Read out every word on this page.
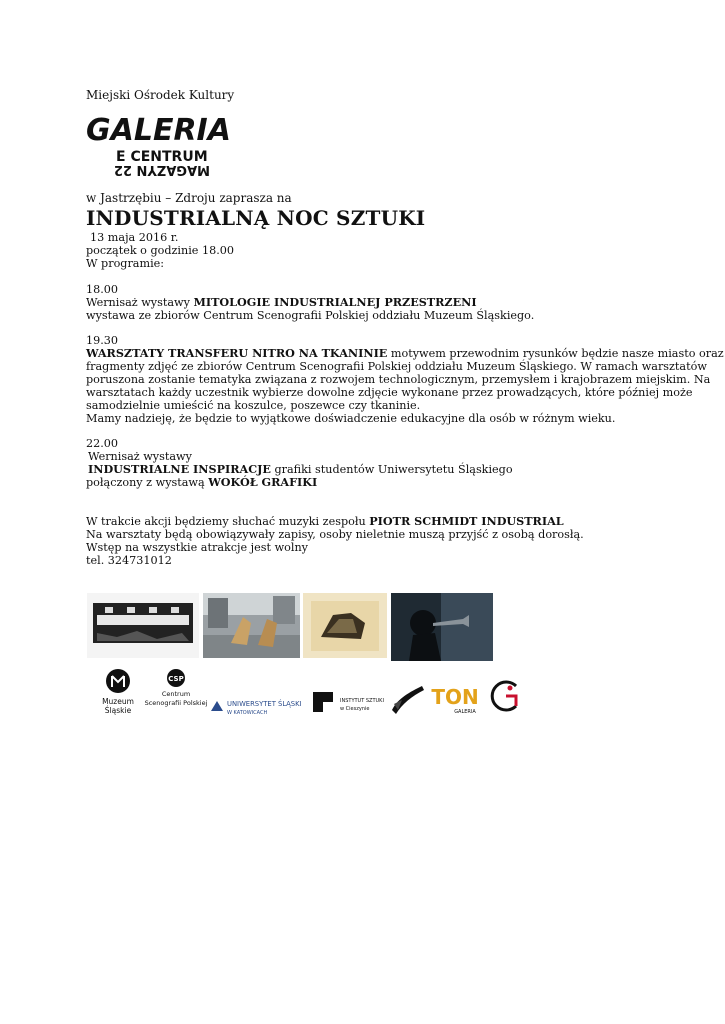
Miejski Ośrodek Kultury
GALERIA
E CENTRUM
MAGAZYN 22
w Jastrzębiu – Zdroju zaprasza na
INDUSTRIALNĄ NOC SZTUKI
13 maja 2016 r.
początek o godzinie 18.00
W programie:
18.00
Wernisaż wystawy MITOLOGIE INDUSTRIALNEJ PRZESTRZENI
wystawa ze zbiorów Centrum Scenografii Polskiej oddziału Muzeum Śląskiego.
19.30
WARSZTATY TRANSFERU NITRO NA TKANINIE motywem przewodnim rysunków będzie nasze miasto oraz
fragmenty zdjęć ze zbiorów Centrum Scenografii Polskiej oddziału Muzeum Śląskiego. W ramach warsztatów
poruszona zostanie tematyka związana z rozwojem technologicznym, przemysłem i krajobrazem miejskim. Na
warsztatach każdy uczestnik wybierze dowolne zdjęcie wykonane przez prowadzących, które później może
samodzielnie umieścić na koszulce, poszewce czy tkaninie.
Mamy nadzieję, że będzie to wyjątkowe doświadczenie edukacyjne dla osób w różnym wieku.
22.00
Wernisaż wystawy
INDUSTRIALNE INSPIRACJE grafiki studentów Uniwersytetu Śląskiego
połączony z wystawą WOKÓŁ GRAFIKI
W trakcie akcji będziemy słuchać muzyki zespołu PIOTR SCHMIDT INDUSTRIAL
Na warsztaty będą obowiązywały zapisy, osoby nieletnie muszą przyjść z osobą dorosłą.
Wstęp na wszystkie atrakcje jest wolny
tel. 324731012
Muzeum
Śląskie
CSP
Centrum
Scenografii Polskiej	UNIWERSYTET ŚLĄSKI
W KATOWICACH
INSTYTUT SZTUKI
w Cieszynie	TON
GALERIA
